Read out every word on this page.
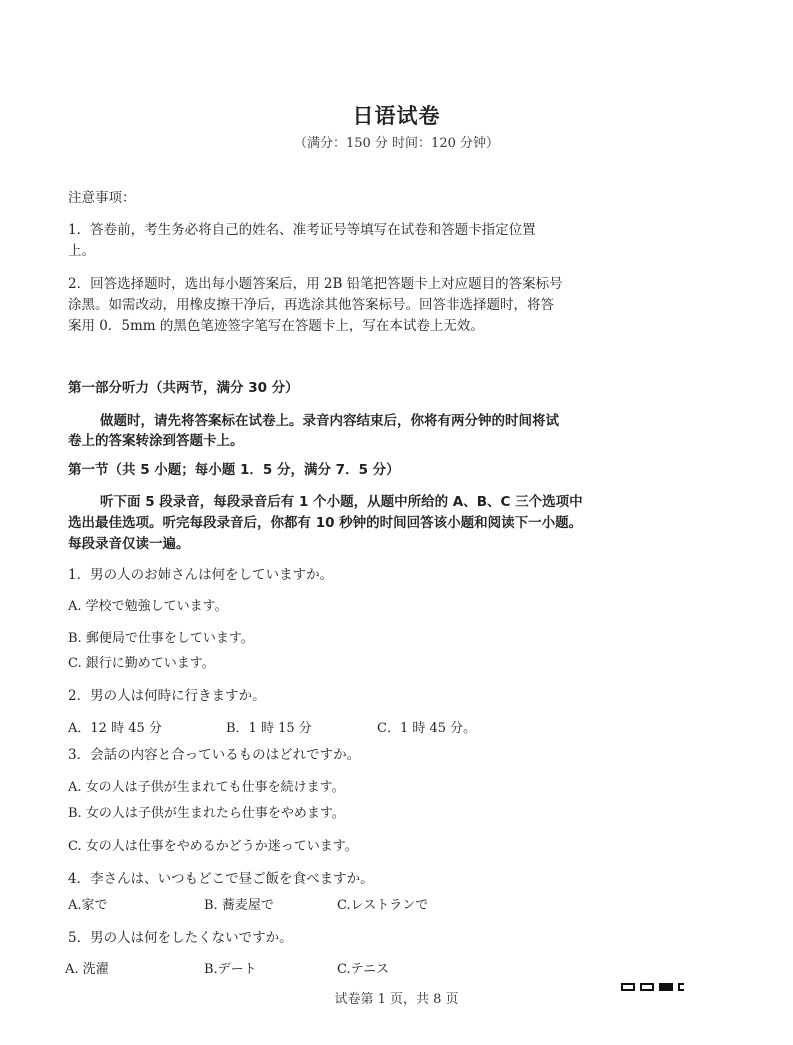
日语试卷
（满分：150 分 时间：120 分钟）
注意事项：
1．答卷前，考生务必将自己的姓名、准考证号等填写在试卷和答题卡指定位置
上。
2．回答选择题时，选出每小题答案后，用 2B 铅笔把答题卡上对应题目的答案标号
涂黑。如需改动，用橡皮擦干净后，再选涂其他答案标号。回答非选择题时，将答
案用 0．5mm 的黑色笔迹签字笔写在答题卡上，写在本试卷上无效。
第一部分听力（共两节，满分 30 分）
做题时，请先将答案标在试卷上。录音内容结束后，你将有两分钟的时间将试
卷上的答案转涂到答题卡上。
第一节（共 5 小题；每小题 1．5 分，满分 7．5 分）
听下面 5 段录音，每段录音后有 1 个小题，从题中所给的 A、B、C 三个选项中
选出最佳选项。听完每段录音后，你都有 10 秒钟的时间回答该小题和阅读下一小题。
每段录音仅读一遍。
1．男の人のお姉さんは何をしていますか。
A. 学校で勉強しています。
B. 郵便局で仕事をしています。
C. 銀行に勤めています。
2．男の人は何時に行きますか。
A．12 時 45 分	B．1 時 15 分	C．1 時 45 分。
3．会話の内容と合っているものはどれですか。
A. 女の人は子供が生まれても仕事を続けます。
B. 女の人は子供が生まれたら仕事をやめます。
C. 女の人は仕事をやめるかどうか迷っています。
4．李さんは、いつもどこで昼ご飯を食べますか。
A.家で	B. 蕎麦屋で	C.レストランで
5．男の人は何をしたくないですか。
A. 洗濯	B.デート	C.テニス
试卷第 1 页，共 8 页
